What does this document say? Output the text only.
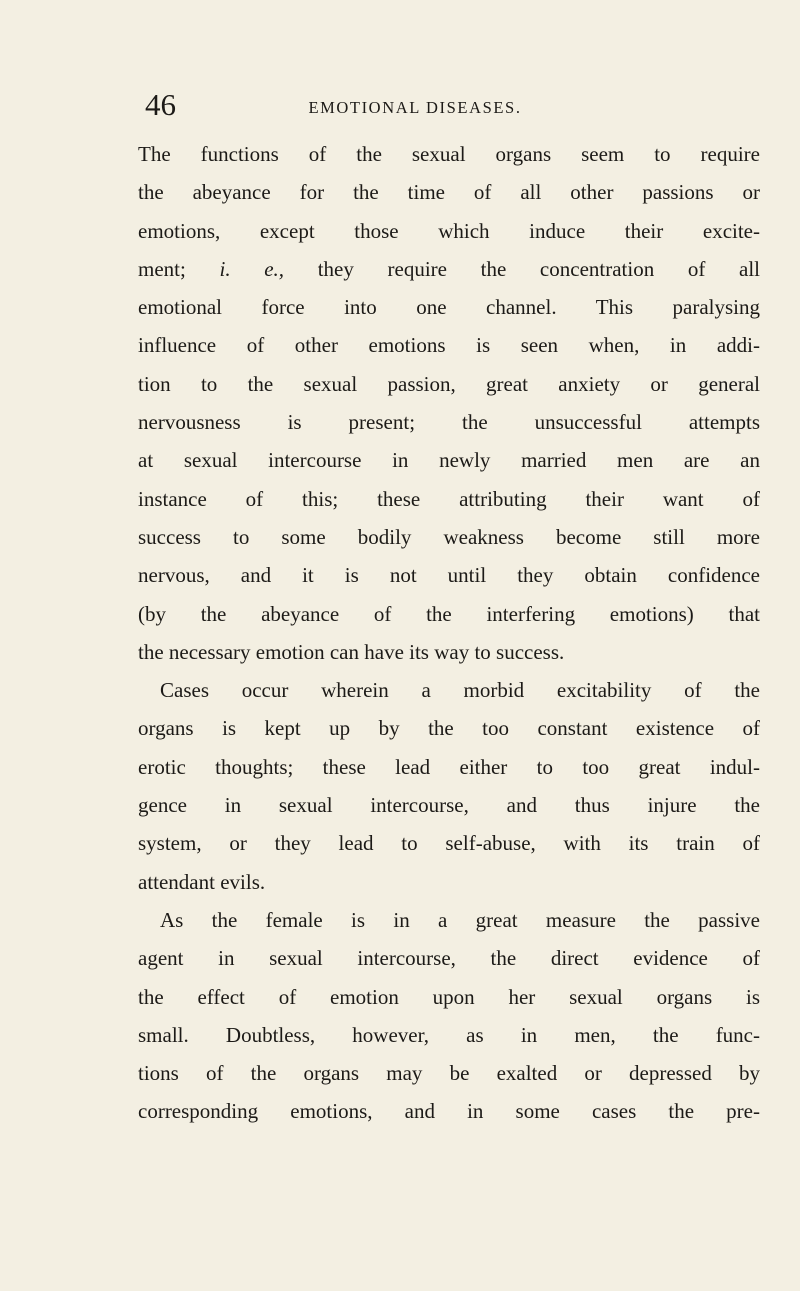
46	EMOTIONAL DISEASES.
The functions of the sexual organs seem to require
the abeyance for the time of all other passions or
emotions, except those which induce their excite-
ment; i. e., they require the concentration of all
emotional force into one channel. This paralysing
influence of other emotions is seen when, in addi-
tion to the sexual passion, great anxiety or general
nervousness is present; the unsuccessful attempts
at sexual intercourse in newly married men are an
instance of this; these attributing their want of
success to some bodily weakness become still more
nervous, and it is not until they obtain confidence
(by the abeyance of the interfering emotions) that
the necessary emotion can have its way to success.
Cases occur wherein a morbid excitability of the
organs is kept up by the too constant existence of
erotic thoughts; these lead either to too great indul-
gence in sexual intercourse, and thus injure the
system, or they lead to self-abuse, with its train of
attendant evils.
As the female is in a great measure the passive
agent in sexual intercourse, the direct evidence of
the effect of emotion upon her sexual organs is
small. Doubtless, however, as in men, the func-
tions of the organs may be exalted or depressed by
corresponding emotions, and in some cases the pre-
